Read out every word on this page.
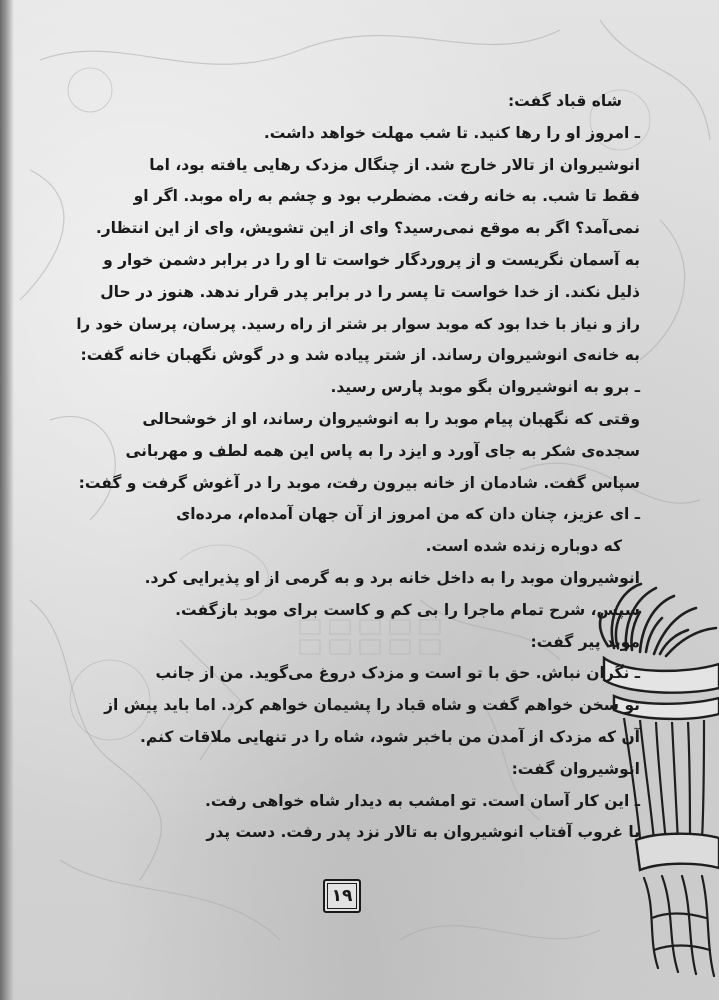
شاه قباد گفت:
ـ امروز او را رها کنید. تا شب مهلت خواهد داشت.
انوشیروان از تالار خارج شد. از چنگال مزدک رهایی یافته بود، اما
فقط تا شب. به خانه رفت. مضطرب بود و چشم به راه موبد. اگر او
نمی‌آمد؟ اگر به موقع نمی‌رسید؟ وای از این تشویش، وای از این انتظار.
به آسمان نگریست و از پروردگار خواست تا او را در برابر دشمن خوار و
ذلیل نکند. از خدا خواست تا پسر را در برابر پدر قرار ندهد. هنوز در حال
راز و نیاز با خدا بود که موبد سوار بر شتر از راه رسید. پرسان، پرسان خود را
به خانه‌ی انوشیروان رساند. از شتر پیاده شد و در گوش نگهبان خانه گفت:
ـ برو به انوشیروان بگو موبد پارس رسید.
وقتی که نگهبان پیام موبد را به انوشیروان رساند، او از خوشحالی
سجده‌ی شکر به جای آورد و ایزد را به پاس این همه لطف و مهربانی
سپاس گفت. شادمان از خانه بیرون رفت، موبد را در آغوش گرفت و گفت:
ـ ای عزیز، چنان دان که من امروز از آن جهان آمده‌ام، مرده‌ای
که دوباره زنده شده است.
انوشیروان موبد را به داخل خانه برد و به گرمی از او پذیرایی کرد.
سپس، شرح تمام ماجرا را بی کم و کاست برای موبد بازگفت.
موبد پیر گفت:
ـ نگران نباش. حق با تو است و مزدک دروغ می‌گوید. من از جانب
تو سخن خواهم گفت و شاه قباد را پشیمان خواهم کرد. اما باید پیش از
آن که مزدک از آمدن من باخبر شود، شاه را در تنهایی ملاقات کنم.
انوشیروان گفت:
ـ این کار آسان است. تو امشب به دیدار شاه خواهی رفت.
با غروب آفتاب انوشیروان به تالار نزد پدر رفت. دست پدر
۱۹
